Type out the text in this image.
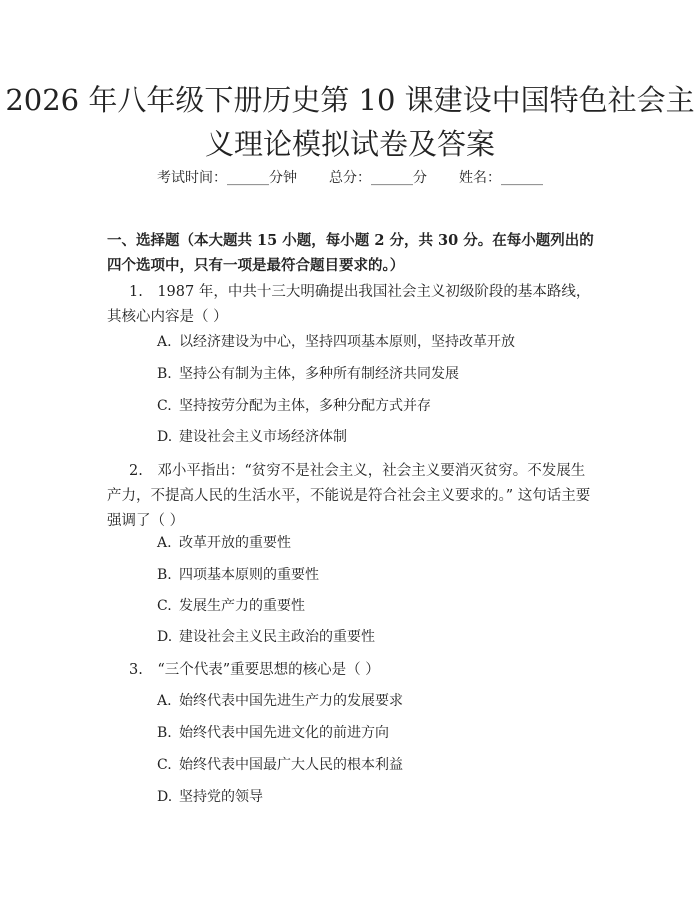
2026 年八年级下册历史第 10 课建设中国特色社会主义理论模拟试卷及答案
考试时间：______分钟 总分：______分 姓名：______

一、选择题（本大题共 15 小题，每小题 2 分，共 30 分。在每小题列出的四个选项中，只有一项是最符合题目要求的。）

1.　1987 年，中共十三大明确提出我国社会主义初级阶段的基本路线，其核心内容是（ ）

A. 以经济建设为中心，坚持四项基本原则，坚持改革开放

B. 坚持公有制为主体，多种所有制经济共同发展

C. 坚持按劳分配为主体，多种分配方式并存

D. 建设社会主义市场经济体制

2.　邓小平指出：“贫穷不是社会主义，社会主义要消灭贫穷。不发展生产力，不提高人民的生活水平，不能说是符合社会主义要求的。” 这句话主要强调了（ ）

A. 改革开放的重要性

B. 四项基本原则的重要性

C. 发展生产力的重要性

D. 建设社会主义民主政治的重要性

3.　“三个代表”重要思想的核心是（ ）

A. 始终代表中国先进生产力的发展要求

B. 始终代表中国先进文化的前进方向

C. 始终代表中国最广大人民的根本利益

D. 坚持党的领导
